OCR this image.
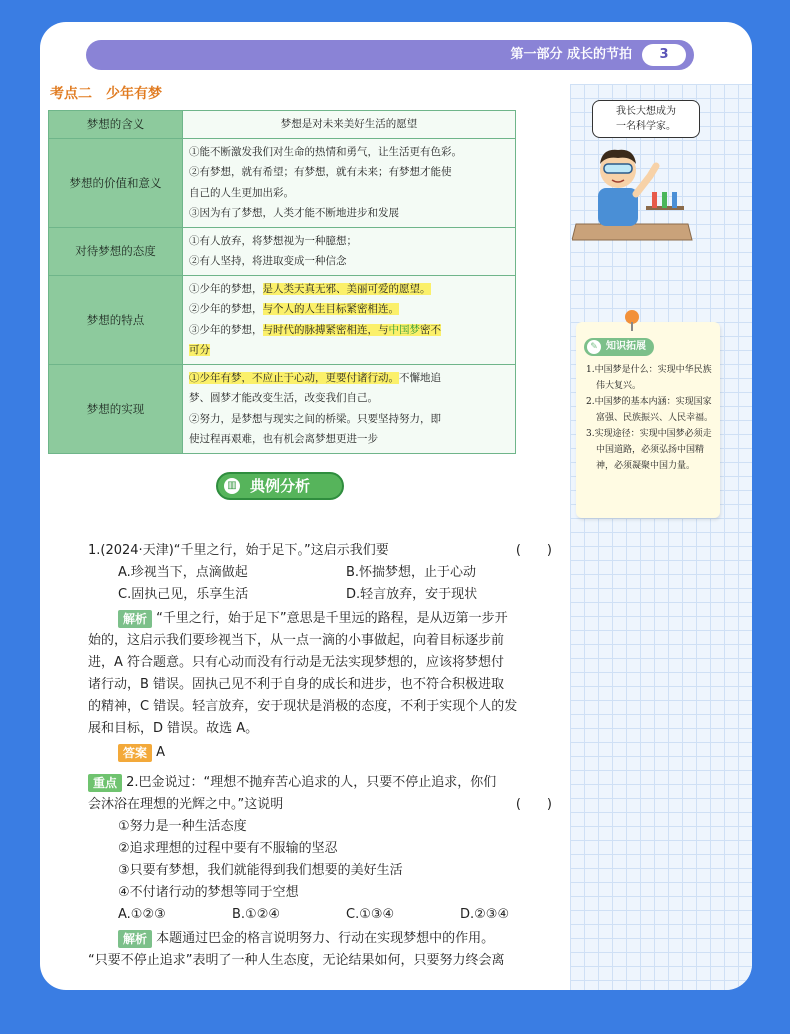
第一部分 成长的节拍	3
考点二　少年有梦
梦想的含义	梦想是对未来美好生活的愿望
梦想的价值和意义	①能不断激发我们对生命的热情和勇气，让生活更有色彩。
②有梦想，就有希望；有梦想，就有未来；有梦想才能使
自己的人生更加出彩。
③因为有了梦想，人类才能不断地进步和发展

对待梦想的态度	①有人放弃，将梦想视为一种臆想；
②有人坚持，将进取变成一种信念

梦想的特点	①少年的梦想，是人类天真无邪、美丽可爱的愿望。
②少年的梦想，与个人的人生目标紧密相连。
③少年的梦想，与时代的脉搏紧密相连，与中国梦密不
可分

梦想的实现	①少年有梦，不应止于心动，更要付诸行动。不懈地追
梦、圆梦才能改变生活，改变我们自己。
②努力，是梦想与现实之间的桥梁。只要坚持努力，即
使过程再艰难，也有机会离梦想更进一步
▥ 典例分析
1.(2024·天津)“千里之行，始于足下。”这启示我们要	(　　)
A.珍视当下，点滴做起	B.怀揣梦想，止于心动
C.固执己见，乐享生活	D.轻言放弃，安于现状
解析 “千里之行，始于足下”意思是千里远的路程，是从迈第一步开
始的，这启示我们要珍视当下，从一点一滴的小事做起，向着目标逐步前
进，A 符合题意。只有心动而没有行动是无法实现梦想的，应该将梦想付
诸行动，B 错误。固执己见不利于自身的成长和进步，也不符合积极进取
的精神，C 错误。轻言放弃，安于现状是消极的态度，不利于实现个人的发
展和目标，D 错误。故选 A。
答案 A
重点 2.巴金说过：“理想不抛弃苦心追求的人，只要不停止追求，你们
会沐浴在理想的光辉之中。”这说明	(　　)
①努力是一种生活态度
②追求理想的过程中要有不服输的坚忍
③只要有梦想，我们就能得到我们想要的美好生活
④不付诸行动的梦想等同于空想
A.①②③	B.①②④	C.①③④	D.②③④
解析 本题通过巴金的格言说明努力、行动在实现梦想中的作用。
“只要不停止追求”表明了一种人生态度，无论结果如何，只要努力终会离
我长大想成为
一名科学家。
✎ 知识拓展

1.中国梦是什么：实现中华民族伟大复兴。

2.中国梦的基本内涵：实现国家富强、民族振兴、人民幸福。

3.实现途径：实现中国梦必须走中国道路，必须弘扬中国精神，必须凝聚中国力量。
